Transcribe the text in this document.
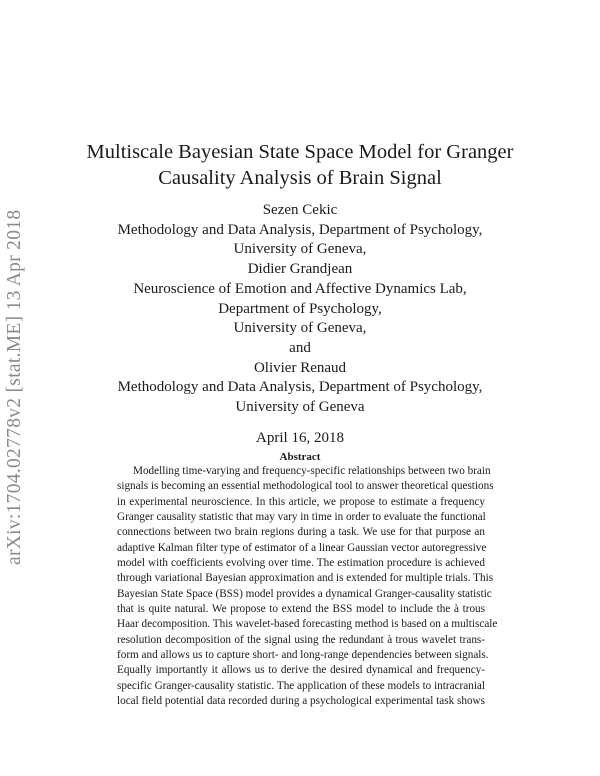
arXiv:1704.02778v2 [stat.ME] 13 Apr 2018
Multiscale Bayesian State Space Model for Granger
Causality Analysis of Brain Signal
Sezen Cekic
Methodology and Data Analysis, Department of Psychology,
University of Geneva,
Didier Grandjean
Neuroscience of Emotion and Affective Dynamics Lab,
Department of Psychology,
University of Geneva,
and
Olivier Renaud
Methodology and Data Analysis, Department of Psychology,
University of Geneva
April 16, 2018
Abstract
Modelling time-varying and frequency-specific relationships between two brain
signals is becoming an essential methodological tool to answer theoretical questions
in experimental neuroscience. In this article, we propose to estimate a frequency
Granger causality statistic that may vary in time in order to evaluate the functional
connections between two brain regions during a task. We use for that purpose an
adaptive Kalman filter type of estimator of a linear Gaussian vector autoregressive
model with coefficients evolving over time. The estimation procedure is achieved
through variational Bayesian approximation and is extended for multiple trials. This
Bayesian State Space (BSS) model provides a dynamical Granger-causality statistic
that is quite natural. We propose to extend the BSS model to include the à trous
Haar decomposition. This wavelet-based forecasting method is based on a multiscale
resolution decomposition of the signal using the redundant à trous wavelet trans-
form and allows us to capture short- and long-range dependencies between signals.
Equally importantly it allows us to derive the desired dynamical and frequency-
specific Granger-causality statistic. The application of these models to intracranial
local field potential data recorded during a psychological experimental task shows
